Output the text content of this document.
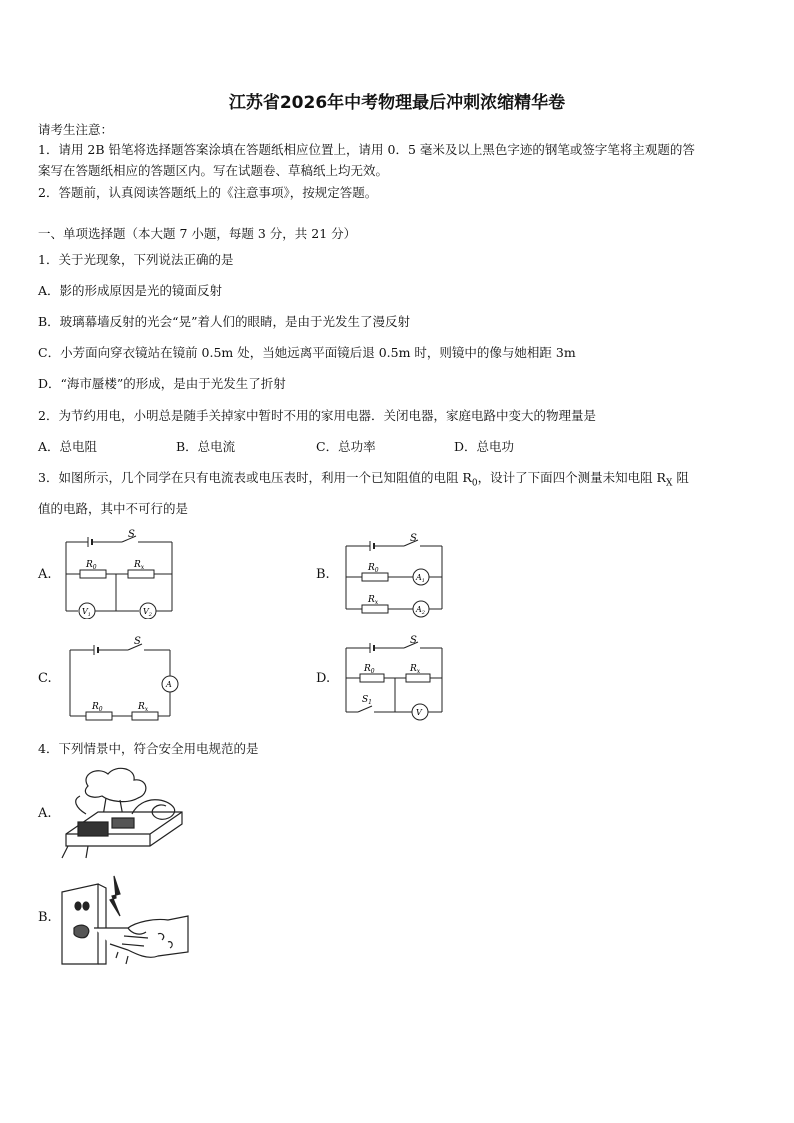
江苏省2026年中考物理最后冲刺浓缩精华卷
请考生注意：
1．请用 2B 铅笔将选择题答案涂填在答题纸相应位置上，请用 0．5 毫米及以上黑色字迹的钢笔或签字笔将主观题的答
案写在答题纸相应的答题区内。写在试题卷、草稿纸上均无效。
2．答题前，认真阅读答题纸上的《注意事项》，按规定答题。
一、单项选择题（本大题 7 小题，每题 3 分，共 21 分）
1．关于光现象，下列说法正确的是
A．影的形成原因是光的镜面反射
B．玻璃幕墙反射的光会“晃”着人们的眼睛，是由于光发生了漫反射
C．小芳面向穿衣镜站在镜前 0.5m 处，当她远离平面镜后退 0.5m 时，则镜中的像与她相距 3m
D．“海市蜃楼”的形成，是由于光发生了折射
2．为节约用电，小明总是随手关掉家中暂时不用的家用电器．关闭电器，家庭电路中变大的物理量是
A．总电阻	B．总电流	C．总功率	D．总电功
3．如图所示，几个同学在只有电流表或电压表时，利用一个已知阻值的电阻 $R_0$，设计了下面四个测量未知电阻 $R_X$ 阻
值的电路，其中不可行的是
A.
S
$R_0$	$R_x$
$V_1$	$V_2$
B.
S
$R_0$
$R_x$
$A_1$
$A_2$
C.
S
A
$R_0$	$R_x$
D.
S
$R_0$	$R_x$
$S_1$
V
4．下列情景中，符合安全用电规范的是
A.
B.
